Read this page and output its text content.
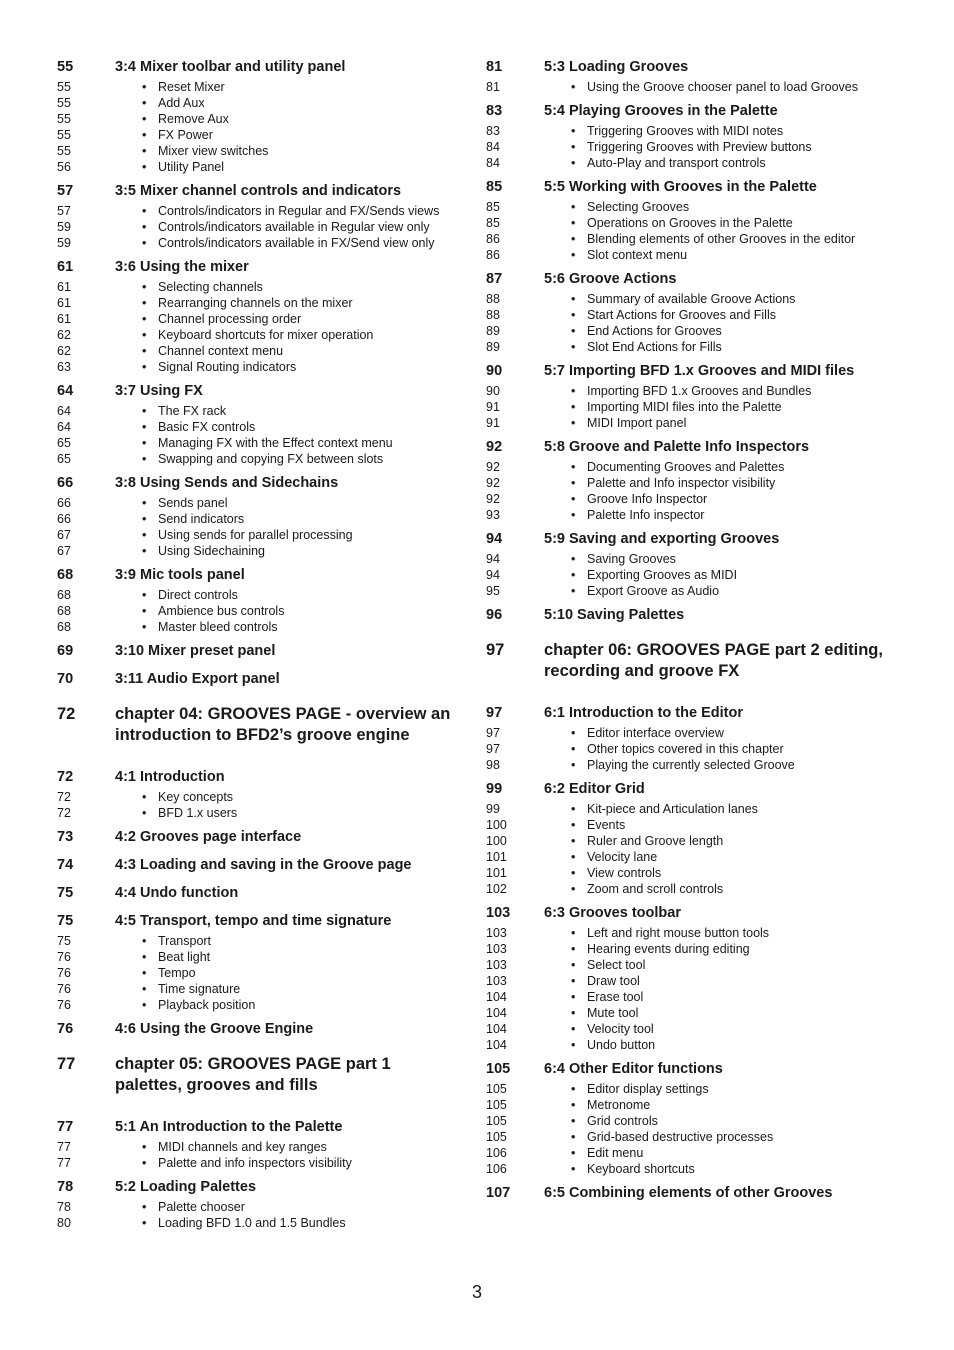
55	3:4 Mixer toolbar and utility panel
55	• Reset Mixer
55	• Add Aux
55	• Remove Aux
55	• FX Power
55	• Mixer view switches
56	• Utility Panel
57	3:5 Mixer channel controls and indicators
57	• Controls/indicators in Regular and FX/Sends views
59	• Controls/indicators available in Regular view only
59	• Controls/indicators available in FX/Send view only
61	3:6 Using the mixer
61	• Selecting channels
61	• Rearranging channels on the mixer
61	• Channel processing order
62	• Keyboard shortcuts for mixer operation
62	• Channel context menu
63	• Signal Routing indicators
64	3:7 Using FX
64	• The FX rack
64	• Basic FX controls
65	• Managing FX with the Effect context menu
65	• Swapping and copying FX between slots
66	3:8 Using Sends and Sidechains
66	• Sends panel
66	• Send indicators
67	• Using sends for parallel processing
67	• Using Sidechaining
68	3:9 Mic tools panel
68	• Direct controls
68	• Ambience bus controls
68	• Master bleed controls
69	3:10 Mixer preset panel
70	3:11 Audio Export panel
72 chapter 04: GROOVES PAGE - overview an introduction to BFD2’s groove engine
72	4:1 Introduction
72	• Key concepts
72	• BFD 1.x users
73	4:2 Grooves page interface
74	4:3 Loading and saving in the Groove page
75	4:4 Undo function
75	4:5 Transport, tempo and time signature
75	• Transport
76	• Beat light
76	• Tempo
76	• Time signature
76	• Playback position
76	4:6 Using the Groove Engine
77 chapter 05: GROOVES PAGE part 1 palettes, grooves and fills
77	5:1 An Introduction to the Palette
77	• MIDI channels and key ranges
77	• Palette and info inspectors visibility
78	5:2 Loading Palettes
78	• Palette chooser
80	• Loading BFD 1.0 and 1.5 Bundles
81	5:3 Loading Grooves
81	• Using the Groove chooser panel to load Grooves
83	5:4 Playing Grooves in the Palette
83	• Triggering Grooves with MIDI notes
84	• Triggering Grooves with Preview buttons
84	• Auto-Play and transport controls
85	5:5 Working with Grooves in the Palette
85	• Selecting Grooves
85	• Operations on Grooves in the Palette
86	• Blending elements of other Grooves in the editor
86	• Slot context menu
87	5:6 Groove Actions
88	• Summary of available Groove Actions
88	• Start Actions for Grooves and Fills
89	• End Actions for Grooves
89	• Slot End Actions for Fills
90	5:7 Importing BFD 1.x Grooves and MIDI files
90	• Importing BFD 1.x Grooves and Bundles
91	• Importing MIDI files into the Palette
91	• MIDI Import panel
92	5:8 Groove and Palette Info Inspectors
92	• Documenting Grooves and Palettes
92	• Palette and Info inspector visibility
92	• Groove Info Inspector
93	• Palette Info inspector
94	5:9 Saving and exporting Grooves
94	• Saving Grooves
94	• Exporting Grooves as MIDI
95	• Export Groove as Audio
96	5:10 Saving Palettes
97 chapter 06: GROOVES PAGE part 2 editing, recording and groove FX
97	6:1 Introduction to the Editor
97	• Editor interface overview
97	• Other topics covered in this chapter
98	• Playing the currently selected Groove
99	6:2 Editor Grid
99	• Kit-piece and Articulation lanes
100	• Events
100	• Ruler and Groove length
101	• Velocity lane
101	• View controls
102	• Zoom and scroll controls
103 6:3 Grooves toolbar
103	• Left and right mouse button tools
103	• Hearing events during editing
103	• Select tool
103	• Draw tool
104	• Erase tool
104	• Mute tool
104	• Velocity tool
104	• Undo button
105 6:4 Other Editor functions
105	• Editor display settings
105	• Metronome
105	• Grid controls
105	• Grid-based destructive processes
106	• Edit menu
106	• Keyboard shortcuts
107 6:5 Combining elements of other Grooves
3
